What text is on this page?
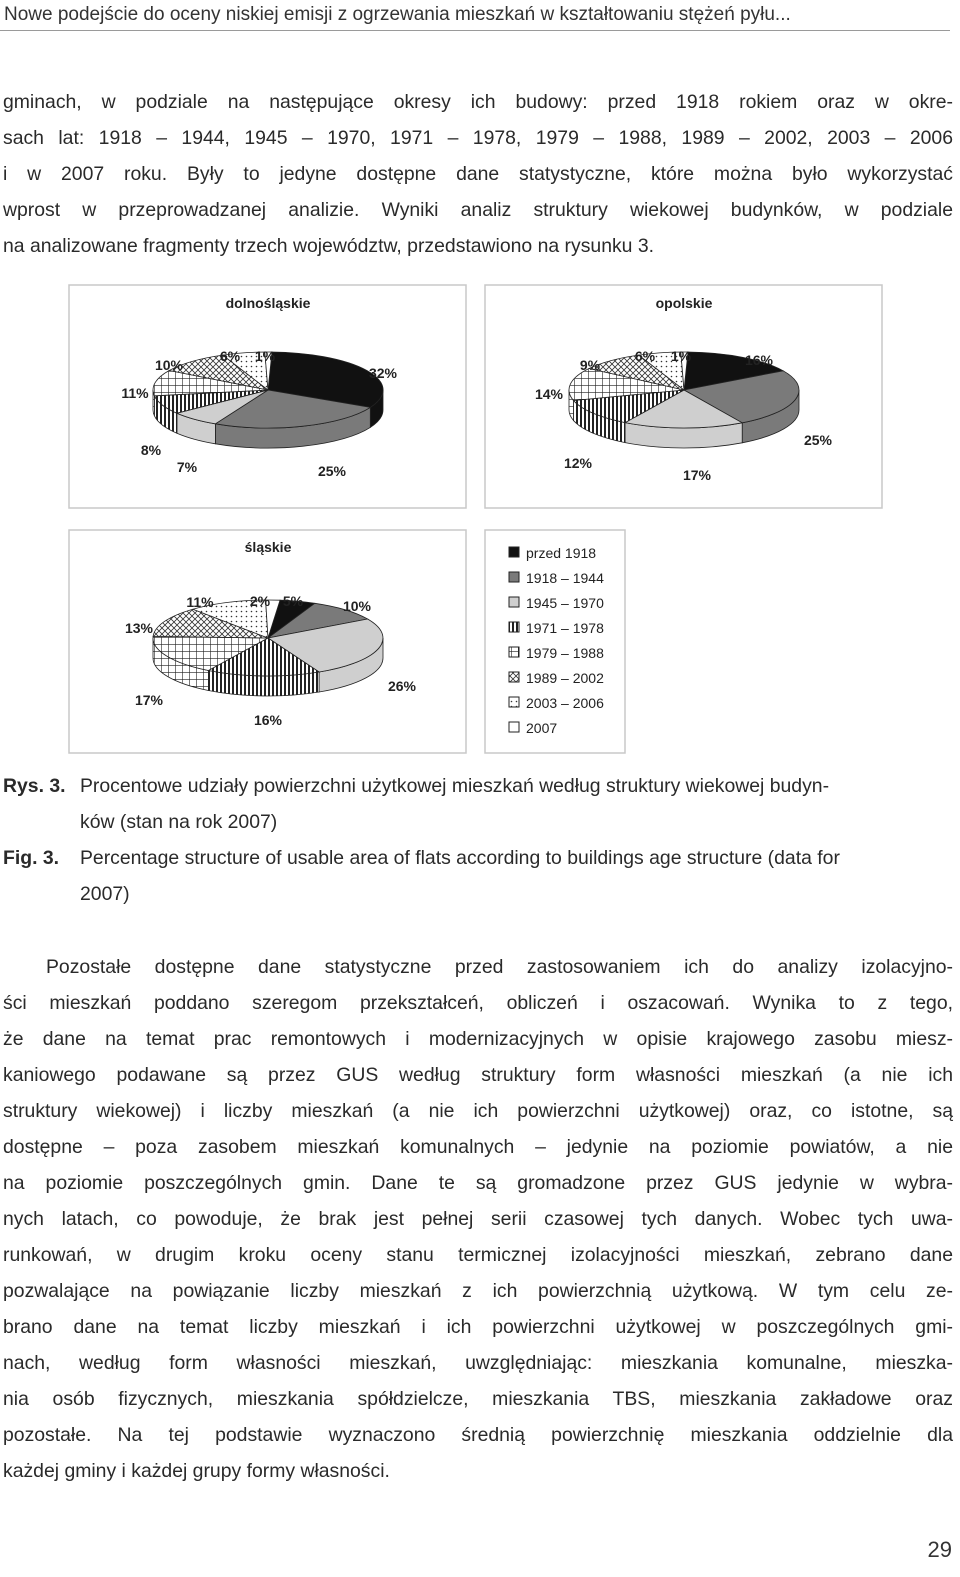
Nowe podejście do oceny niskiej emisji z ogrzewania mieszkań w kształtowaniu stężeń pyłu...
gminach, w podziale na następujące okresy ich budowy: przed 1918 rokiem oraz w okre-
sach lat: 1918 – 1944, 1945 – 1970, 1971 – 1978, 1979 – 1988, 1989 – 2002, 2003 – 2006
i w 2007 roku. Były to jedyne dostępne dane statystyczne, które można było wykorzystać
wprost w przeprowadzanej analizie. Wyniki analiz struktury wiekowej budynków, w podziale
na analizowane fragmenty trzech województw, przedstawiono na rysunku 3.
dolnośląskie
32%
25%
7%
8%
11%
10%
6% 1%
opolskie
16%
25%
17%
12%
14%
9%
6% 1%
śląskie
5%	10%
26%
16%
17%
13%
11%	2%
przed 1918
1918 – 1944
1945 – 1970
1971 – 1978
1979 – 1988
1989 – 2002
2003 – 2006
2007
Rys. 3. Procentowe udziały powierzchni użytkowej mieszkań według struktury wiekowej budyn-
ków (stan na rok 2007)
Fig. 3. Percentage structure of usable area of flats according to buildings age structure (data for
2007)
Pozostałe dostępne dane statystyczne przed zastosowaniem ich do analizy izolacyjno-
ści mieszkań poddano szeregom przekształceń, obliczeń i oszacowań. Wynika to z tego,
że dane na temat prac remontowych i modernizacyjnych w opisie krajowego zasobu miesz-
kaniowego podawane są przez GUS według struktury form własności mieszkań (a nie ich
struktury wiekowej) i liczby mieszkań (a nie ich powierzchni użytkowej) oraz, co istotne, są
dostępne – poza zasobem mieszkań komunalnych – jedynie na poziomie powiatów, a nie
na poziomie poszczególnych gmin. Dane te są gromadzone przez GUS jedynie w wybra-
nych latach, co powoduje, że brak jest pełnej serii czasowej tych danych. Wobec tych uwa-
runkowań, w drugim kroku oceny stanu termicznej izolacyjności mieszkań, zebrano dane
pozwalające na powiązanie liczby mieszkań z ich powierzchnią użytkową. W tym celu ze-
brano dane na temat liczby mieszkań i ich powierzchni użytkowej w poszczególnych gmi-
nach, według form własności mieszkań, uwzględniając: mieszkania komunalne, mieszka-
nia osób fizycznych, mieszkania spółdzielcze, mieszkania TBS, mieszkania zakładowe oraz
pozostałe. Na tej podstawie wyznaczono średnią powierzchnię mieszkania oddzielnie dla
każdej gminy i każdej grupy formy własności.
29
